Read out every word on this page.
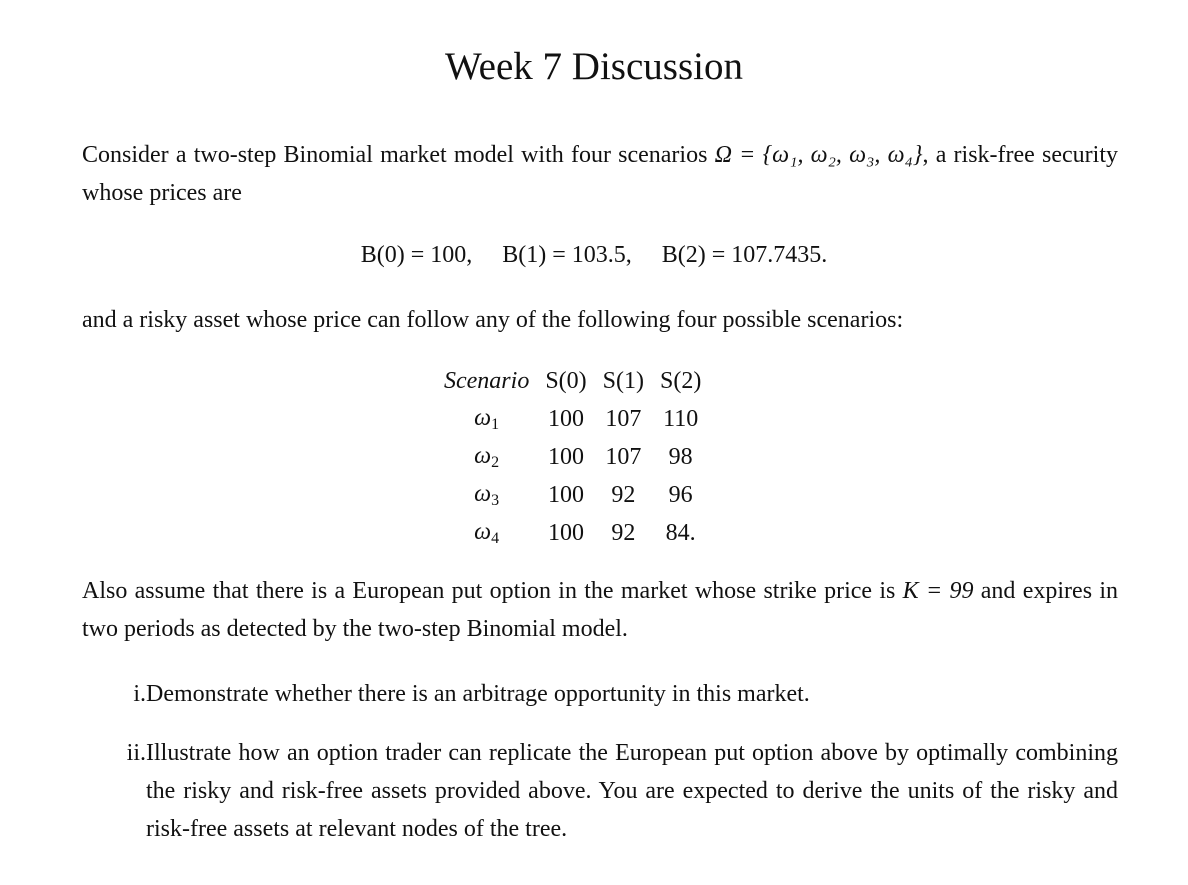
Week 7 Discussion
Consider a two-step Binomial market model with four scenarios Ω = {ω₁, ω₂, ω₃, ω₄}, a risk-free security whose prices are
B(0) = 100, B(1) = 103.5, B(2) = 107.7435.
and a risky asset whose price can follow any of the following four possible scenarios:
Scenario	S(0)	S(1)	S(2)
$\omega_1$	100	107	110
$\omega_2$	100	107	98
$\omega_3$	100	92	96
$\omega_4$	100	92	84.
Also assume that there is a European put option in the market whose strike price is K = 99 and expires in two periods as detected by the two-step Binomial model.
i. Demonstrate whether there is an arbitrage opportunity in this market.
ii. Illustrate how an option trader can replicate the European put option above by optimally combining the risky and risk-free assets provided above. You are expected to derive the units of the risky and risk-free assets at relevant nodes of the tree.
